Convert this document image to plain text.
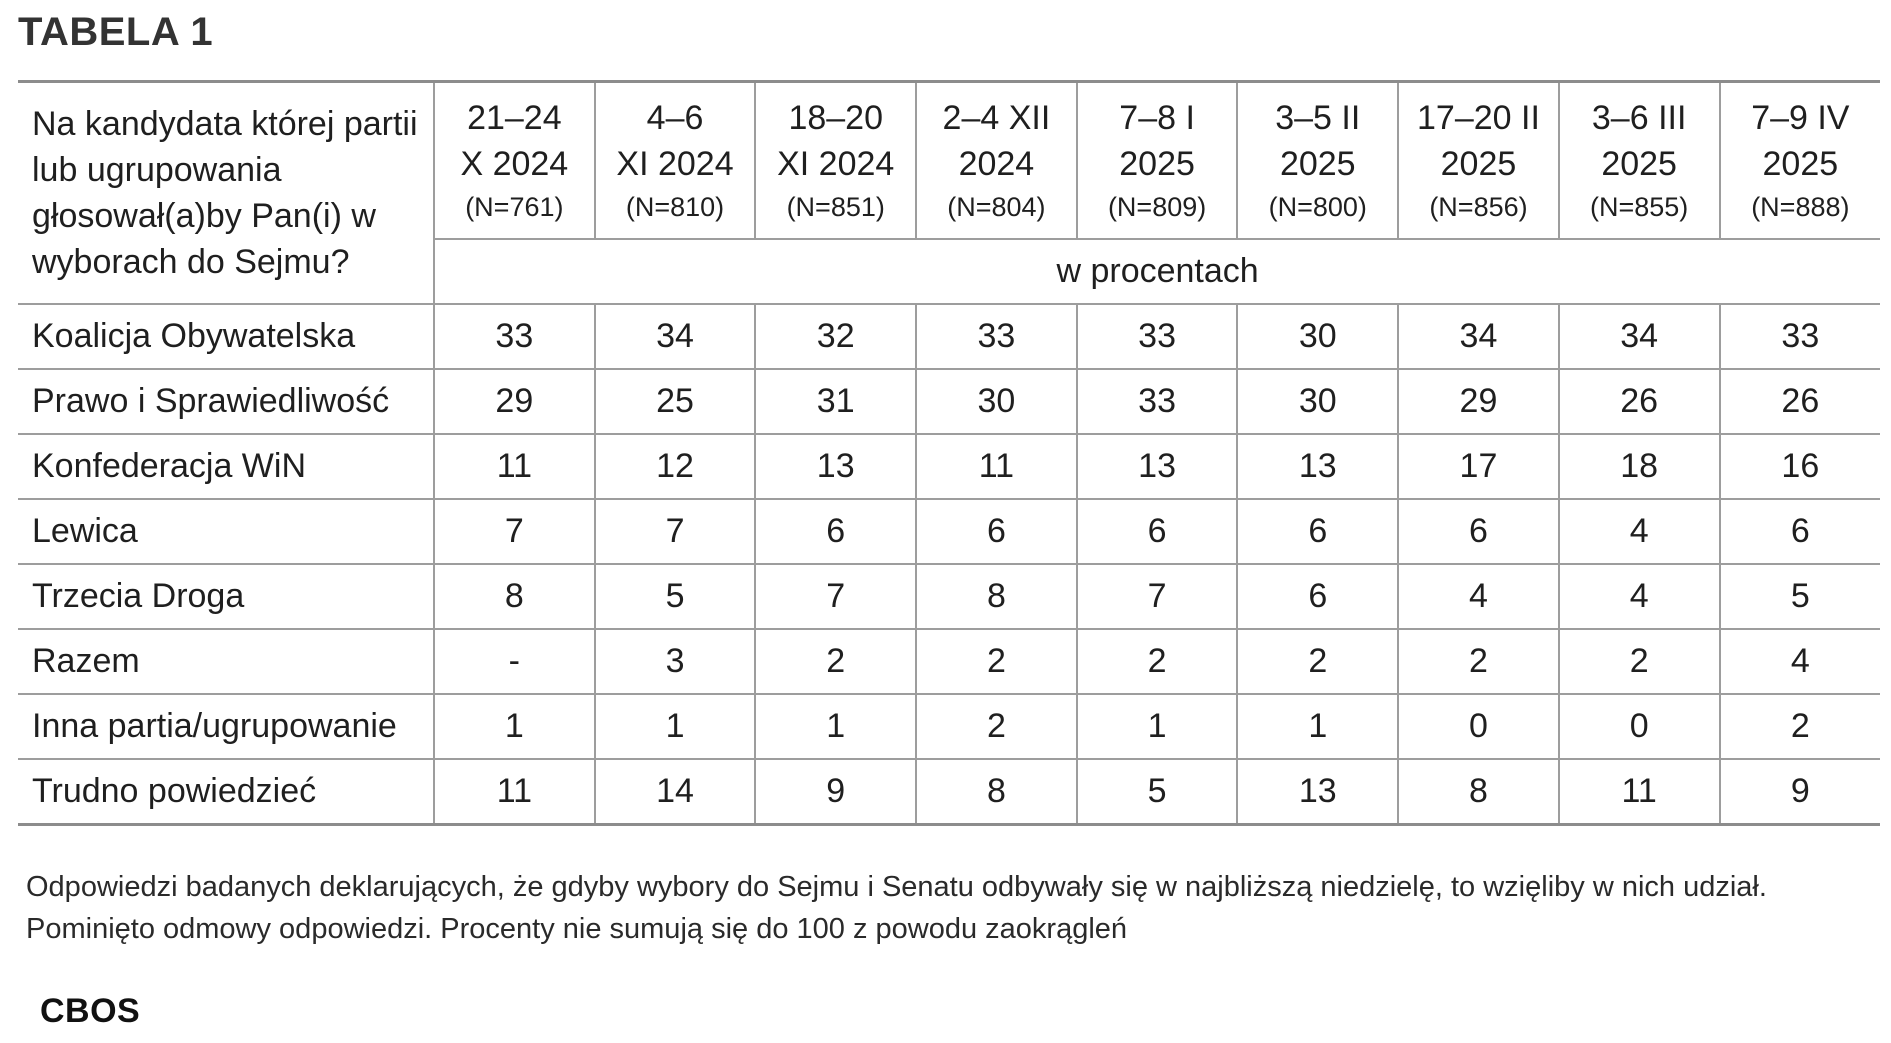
TABELA 1
Na kandydata której partii lub ugrupowania głosował(a)by Pan(i) w wyborach do Sejmu?	21–24
X 2024
(N=761)	4–6
XI 2024
(N=810)	18–20
XI 2024
(N=851)	2–4 XII
2024
(N=804)	7–8 I
2025
(N=809)	3–5 II
2025
(N=800)	17–20 II
2025
(N=856)	3–6 III
2025
(N=855)	7–9 IV
2025
(N=888)

	w procentach								
Koalicja Obywatelska	33	34	32	33	33	30	34	34	33
Prawo i Sprawiedliwość	29	25	31	30	33	30	29	26	26
Konfederacja WiN	11	12	13	11	13	13	17	18	16
Lewica	7	7	6	6	6	6	6	4	6
Trzecia Droga	8	5	7	8	7	6	4	4	5
Razem	-	3	2	2	2	2	2	2	4
Inna partia/ugrupowanie	1	1	1	2	1	1	0	0	2
Trudno powiedzieć	11	14	9	8	5	13	8	11	9
Odpowiedzi badanych deklarujących, że gdyby wybory do Sejmu i Senatu odbywały się w najbliższą niedzielę, to wzięliby w nich udział. Pominięto odmowy odpowiedzi. Procenty nie sumują się do 100 z powodu zaokrągleń
CBOS
